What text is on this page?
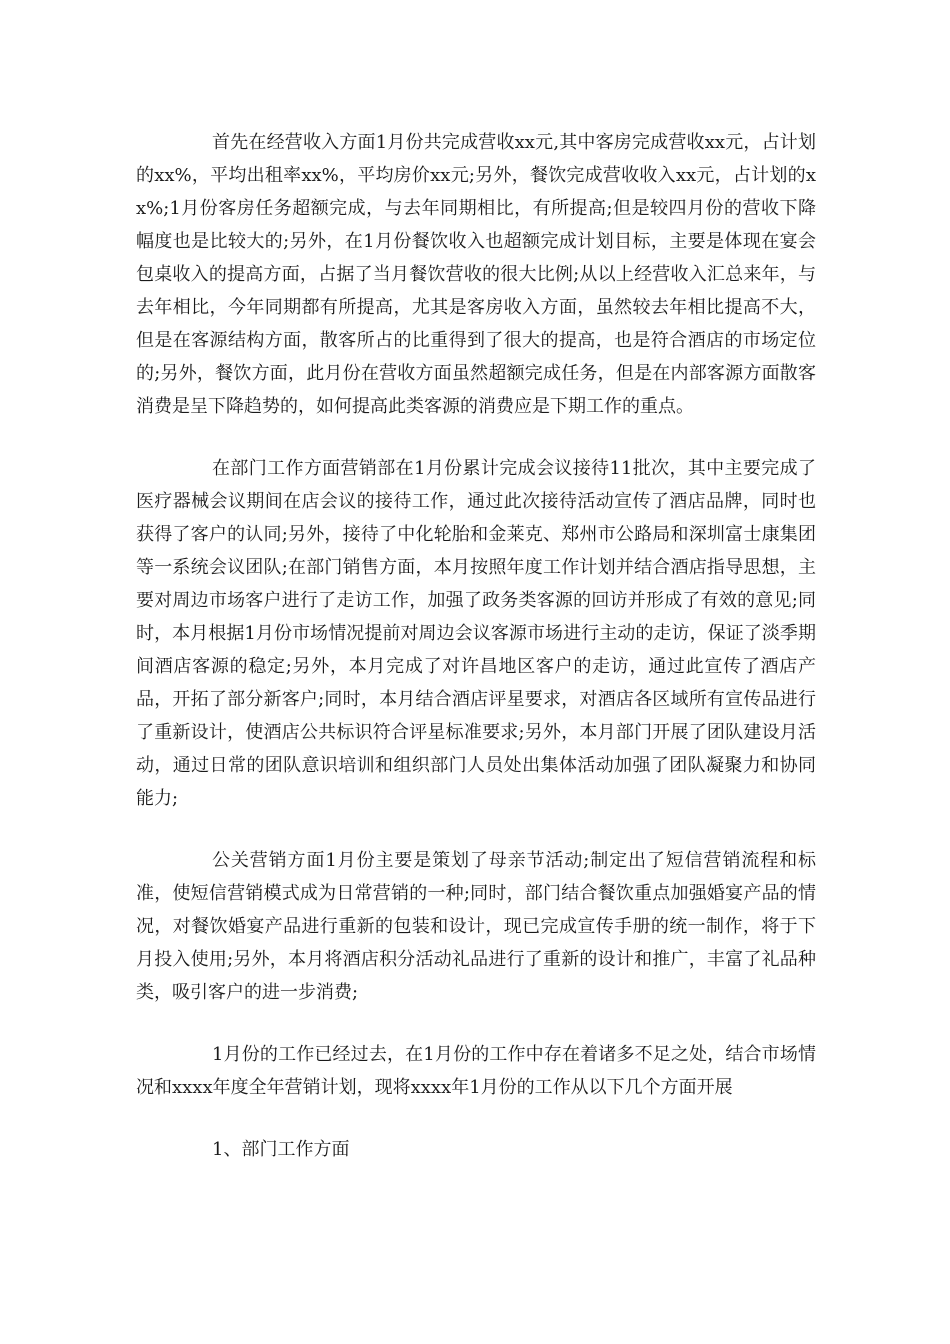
首先在经营收入方面1月份共完成营收xx元,其中客房完成营收xx元，占计划的xx%，平均出租率xx%，平均房价xx元;另外，餐饮完成营收收入xx元，占计划的xx%;1月份客房任务超额完成，与去年同期相比，有所提高;但是较四月份的营收下降幅度也是比较大的;另外，在1月份餐饮收入也超额完成计划目标，主要是体现在宴会包桌收入的提高方面，占据了当月餐饮营收的很大比例;从以上经营收入汇总来年，与去年相比，今年同期都有所提高，尤其是客房收入方面，虽然较去年相比提高不大，但是在客源结构方面，散客所占的比重得到了很大的提高，也是符合酒店的市场定位的;另外，餐饮方面，此月份在营收方面虽然超额完成任务，但是在内部客源方面散客消费是呈下降趋势的，如何提高此类客源的消费应是下期工作的重点。

在部门工作方面营销部在1月份累计完成会议接待11批次，其中主要完成了医疗器械会议期间在店会议的接待工作，通过此次接待活动宣传了酒店品牌，同时也获得了客户的认同;另外，接待了中化轮胎和金莱克、郑州市公路局和深圳富士康集团等一系统会议团队;在部门销售方面，本月按照年度工作计划并结合酒店指导思想，主要对周边市场客户进行了走访工作，加强了政务类客源的回访并形成了有效的意见;同时，本月根据1月份市场情况提前对周边会议客源市场进行主动的走访，保证了淡季期间酒店客源的稳定;另外，本月完成了对许昌地区客户的走访，通过此宣传了酒店产品，开拓了部分新客户;同时，本月结合酒店评星要求，对酒店各区域所有宣传品进行了重新设计，使酒店公共标识符合评星标准要求;另外，本月部门开展了团队建设月活动，通过日常的团队意识培训和组织部门人员处出集体活动加强了团队凝聚力和协同能力;

公关营销方面1月份主要是策划了母亲节活动;制定出了短信营销流程和标准，使短信营销模式成为日常营销的一种;同时，部门结合餐饮重点加强婚宴产品的情况，对餐饮婚宴产品进行重新的包装和设计，现已完成宣传手册的统一制作，将于下月投入使用;另外，本月将酒店积分活动礼品进行了重新的设计和推广，丰富了礼品种类，吸引客户的进一步消费;

1月份的工作已经过去，在1月份的工作中存在着诸多不足之处，结合市场情况和xxxx年度全年营销计划，现将xxxx年1月份的工作从以下几个方面开展

1、部门工作方面
